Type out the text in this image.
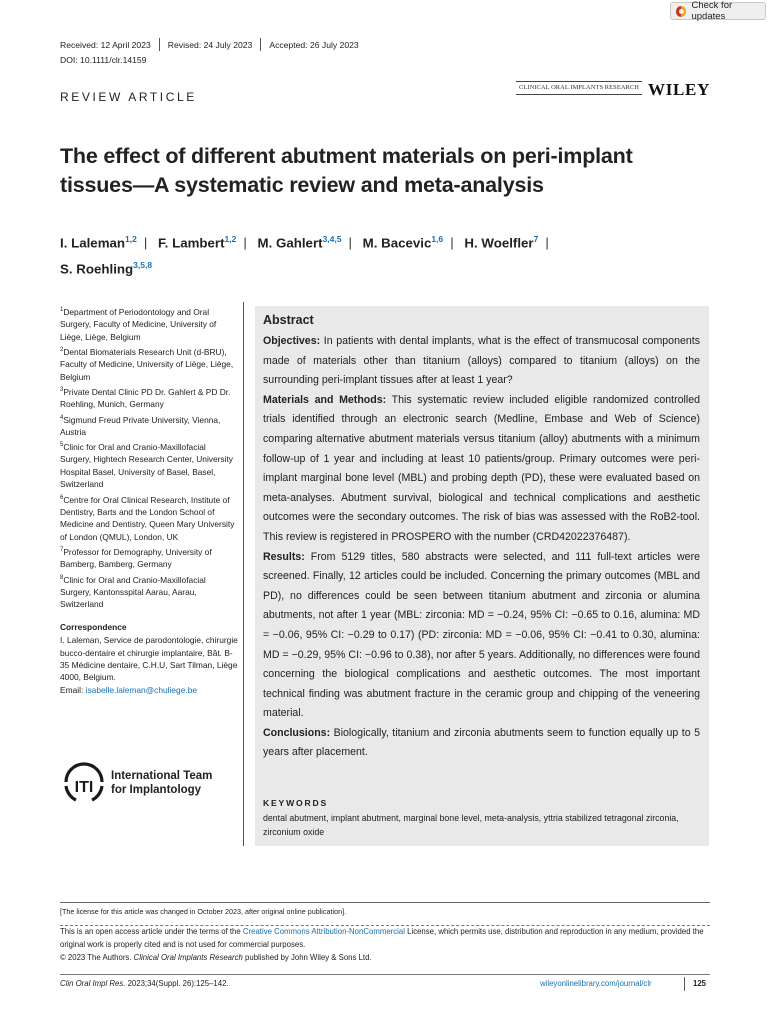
Check for updates
Received: 12 April 2023	Revised: 24 July 2023	Accepted: 26 July 2023
DOI: 10.1111/clr.14159
REVIEW ARTICLE
CLINICAL ORAL IMPLANTS RESEARCH WILEY
The effect of different abutment materials on peri-implant tissues—A systematic review and meta-analysis
I. Laleman$^{1,2}$ | F. Lambert$^{1,2}$ | M. Gahlert$^{3,4,5}$ | M. Bacevic$^{1,6}$ | H. Woelfler$^7$ |
S. Roehling$^{3,5,8}$

$^1$Department of Periodontology and Oral Surgery, Faculty of Medicine, University of Liège, Liège, Belgium

$^2$Dental Biomaterials Research Unit (d-BRU), Faculty of Medicine, University of Liège, Liège, Belgium

$^3$Private Dental Clinic PD Dr. Gahlert & PD Dr. Roehling, Munich, Germany

$^4$Sigmund Freud Private University, Vienna, Austria

$^5$Clinic for Oral and Cranio-Maxillofacial Surgery, Hightech Research Center, University Hospital Basel, University of Basel, Basel, Switzerland

$^6$Centre for Oral Clinical Research, Institute of Dentistry, Barts and the London School of Medicine and Dentistry, Queen Mary University of London (QMUL), London, UK

$^7$Professor for Demography, University of Bamberg, Bamberg, Germany

$^8$Clinic for Oral and Cranio-Maxillofacial Surgery, Kantonsspital Aarau, Aarau, Switzerland

Correspondence

I. Laleman, Service de parodontologie, chirurgie bucco-dentaire et chirurgie implantaire, Bât. B-35 Médicine dentaire, C.H.U, Sart Tilman, Liège 4000, Belgium.
Email: isabelle.laleman@chuliege.be

ITI
International Team
for Implantology

Abstract

Objectives: In patients with dental implants, what is the effect of transmucosal components made of materials other than titanium (alloys) compared to titanium (alloys) on the surrounding peri-implant tissues after at least 1 year?

Materials and Methods: This systematic review included eligible randomized controlled trials identified through an electronic search (Medline, Embase and Web of Science) comparing alternative abutment materials versus titanium (alloy) abutments with a minimum follow-up of 1 year and including at least 10 patients/group. Primary outcomes were peri-implant marginal bone level (MBL) and probing depth (PD), these were evaluated based on meta-analyses. Abutment survival, biological and technical complications and aesthetic outcomes were the secondary outcomes. The risk of bias was assessed with the RoB2-tool. This review is registered in PROSPERO with the number (CRD42022376487).

Results: From 5129 titles, 580 abstracts were selected, and 111 full-text articles were screened. Finally, 12 articles could be included. Concerning the primary outcomes (MBL and PD), no differences could be seen between titanium abutment and zirconia or alumina abutments, not after 1 year (MBL: zirconia: MD = −0.24, 95% CI: −0.65 to 0.16, alumina: MD = −0.06, 95% CI: −0.29 to 0.17) (PD: zirconia: MD = −0.06, 95% CI: −0.41 to 0.30, alumina: MD = −0.29, 95% CI: −0.96 to 0.38), nor after 5 years. Additionally, no differences were found concerning the biological complications and aesthetic outcomes. The most important technical finding was abutment fracture in the ceramic group and chipping of the veneering material.

Conclusions: Biologically, titanium and zirconia abutments seem to function equally up to 5 years after placement.

KEYWORDS
dental abutment, implant abutment, marginal bone level, meta-analysis, yttria stabilized tetragonal zirconia, zirconium oxide
[The license for this article was changed in October 2023, after original online publication].
This is an open access article under the terms of the Creative Commons Attribution-NonCommercial License, which permits use, distribution and reproduction in any medium, provided the original work is properly cited and is not used for commercial purposes.
© 2023 The Authors. Clinical Oral Implants Research published by John Wiley & Sons Ltd.
Clin Oral Impl Res. 2023;34(Suppl. 26):125–142.	wileyonlinelibrary.com/journal/clr	125
